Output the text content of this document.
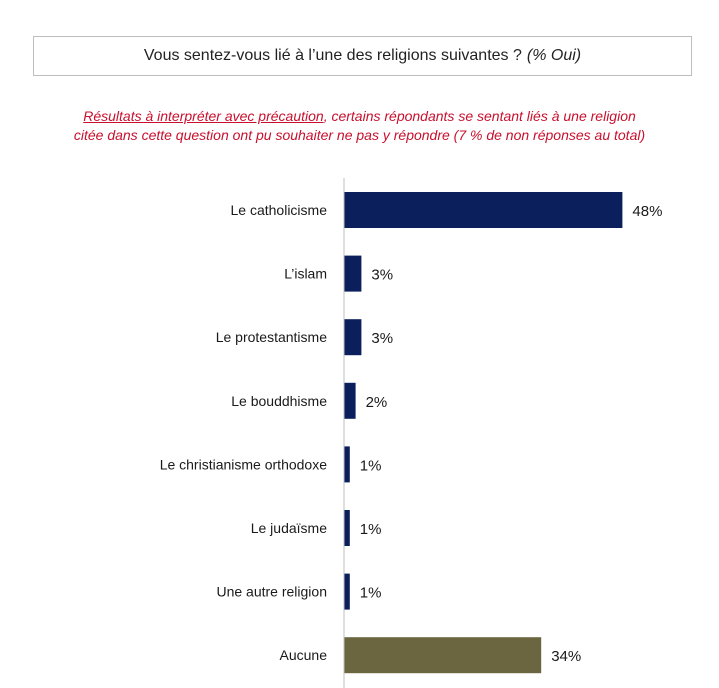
Vous sentez-vous lié à l’une des religions suivantes ? (% Oui)
Résultats à interpréter avec précaution, certains répondants se sentant liés à une religion
citée dans cette question ont pu souhaiter ne pas y répondre (7 % de non réponses au total)
Le catholicisme	48%
L’islam	3%
Le protestantisme	3%
Le bouddhisme	2%
Le christianisme orthodoxe 1%
Le judaïsme 1%
Une autre religion 1%
Aucune	34%
